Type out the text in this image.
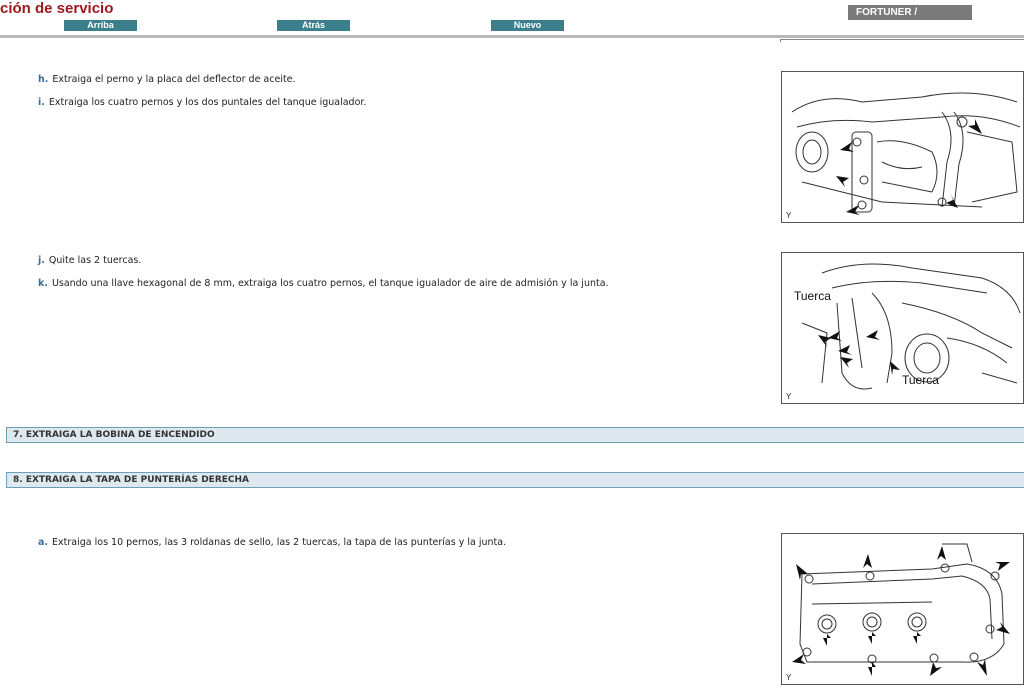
ción de servicio
Arriba	Atrás	Nuevo
FORTUNER /
h. Extraiga el perno y la placa del deflector de aceite.
i. Extraiga los cuatro pernos y los dos puntales del tanque igualador.
Y
j. Quite las 2 tuercas.
k. Usando una llave hexagonal de 8 mm, extraiga los cuatro pernos, el tanque igualador de aire de admisión y la junta.
Tuerca
Tuerca
Y
7. EXTRAIGA LA BOBINA DE ENCENDIDO
8. EXTRAIGA LA TAPA DE PUNTERÍAS DERECHA
a. Extraiga los 10 pernos, las 3 roldanas de sello, las 2 tuercas, la tapa de las punterías y la junta.
Y
